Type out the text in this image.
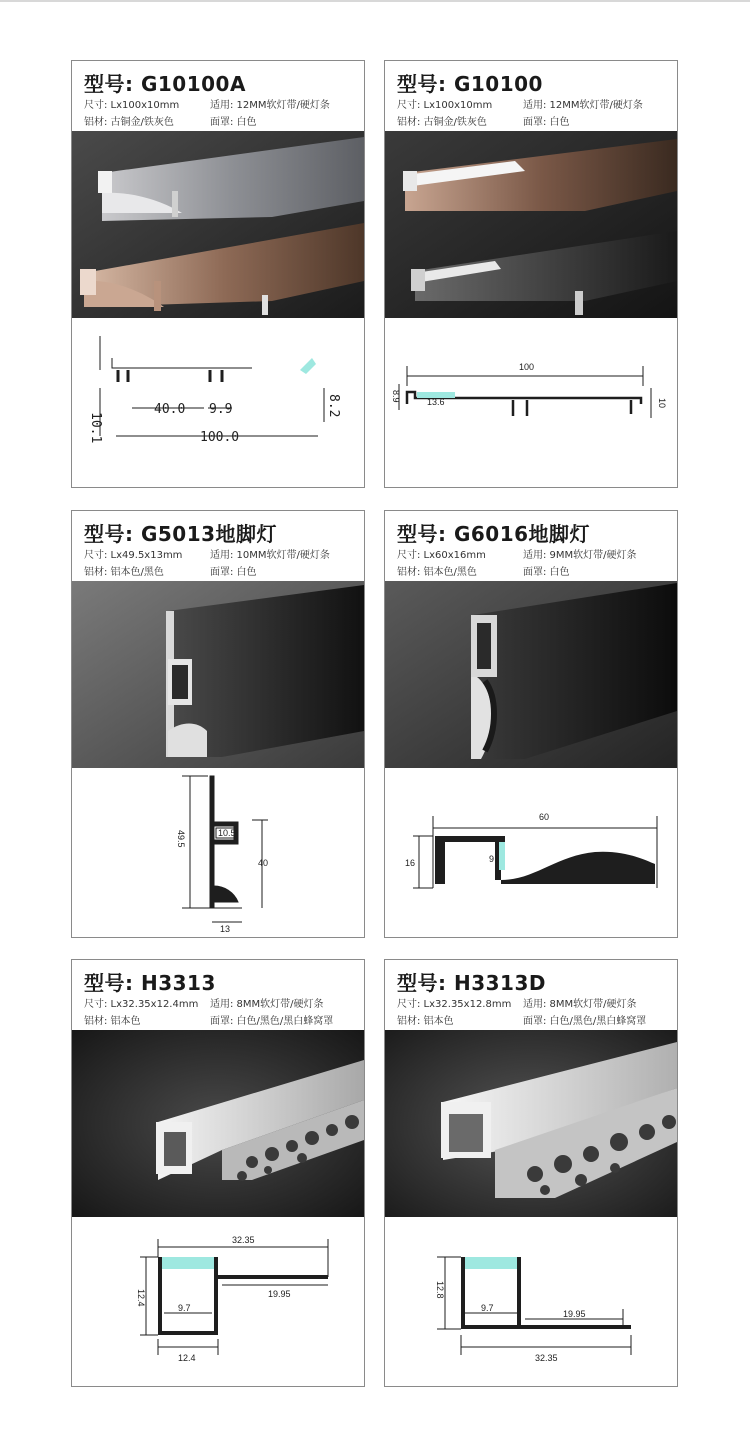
型号: G10100A
尺寸: Lx100x10mm	适用: 12MM软灯带/硬灯条
铝材: 古铜金/铁灰色	面罩: 白色
40.0 9.9
100.0
10.1
8.2
型号: G10100
尺寸: Lx100x10mm	适用: 12MM软灯带/硬灯条
铝材: 古铜金/铁灰色	面罩: 白色
100
13.6
8.9
10
型号: G5013地脚灯
尺寸: Lx49.5x13mm	适用: 10MM软灯带/硬灯条
铝材: 铝本色/黑色	面罩: 白色
49.5	10.5
40
13
型号: G6016地脚灯
尺寸: Lx60x16mm	适用: 9MM软灯带/硬灯条
铝材: 铝本色/黑色	面罩: 白色
60
16	9
型号: H3313
尺寸: Lx32.35x12.4mm 适用: 8MM软灯带/硬灯条
铝材: 铝本色	面罩: 白色/黑色/黑白蜂窝罩
32.35
12.4
9.7
19.95
12.4
型号: H3313D
尺寸: Lx32.35x12.8mm 适用: 8MM软灯带/硬灯条
铝材: 铝本色	面罩: 白色/黑色/黑白蜂窝罩
12.8
9.7
19.95
32.35
